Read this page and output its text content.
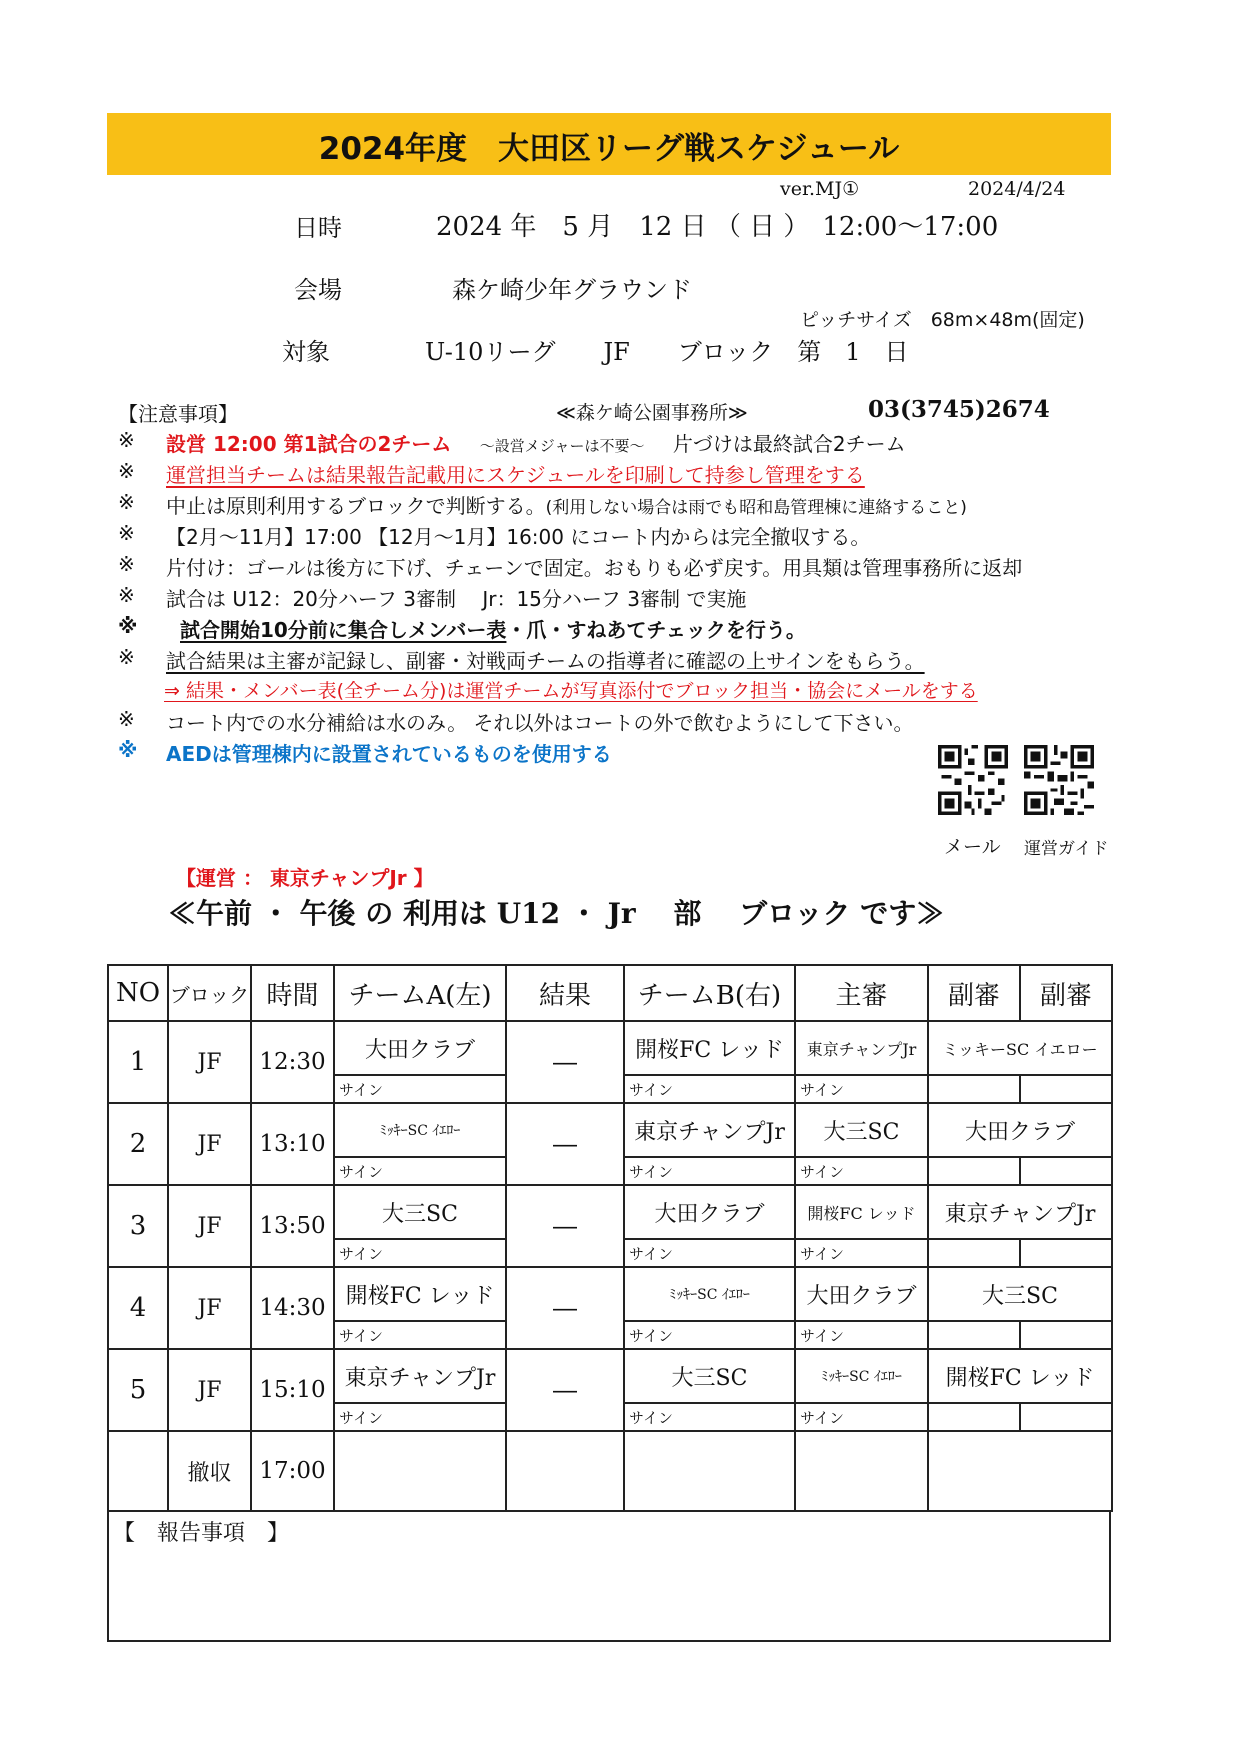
2024年度　大田区リーグ戦スケジュール
ver.MJ①	2024/4/24
日時	2024 年　5 月　12 日 （ 日 ）　12:00～17:00
会場	森ケ崎少年グラウンド
ピッチサイズ　68m×48m(固定)
対象	U-10リーグ　　JF　　ブロック　第　1　日
【注意事項】	≪森ケ崎公園事務所≫	03(3745)2674
※ 設営 12:00 第1試合の2チーム ～設営メジャーは不要～ 片づけは最終試合2チーム
※ 運営担当チームは結果報告記載用にスケジュールを印刷して持参し管理をする
※ 中止は原則利用するブロックで判断する。(利用しない場合は雨でも昭和島管理棟に連絡すること)
※ 【2月～11月】17:00 【12月～1月】16:00 にコート内からは完全撤収する。
※ 片付け：ゴールは後方に下げ、チェーンで固定。おもりも必ず戻す。用具類は管理事務所に返却
※ 試合は U12：20分ハーフ 3審制　 Jr：15分ハーフ 3審制 で実施
※ 試合開始10分前に集合しメンバー表・爪・すねあてチェックを行う。
※ 試合結果は主審が記録し、副審・対戦両チームの指導者に確認の上サインをもらう。
⇒ 結果・メンバー表(全チーム分)は運営チームが写真添付でブロック担当・協会にメールをする
※ コート内での水分補給は水のみ。 それ以外はコートの外で飲むようにして下さい。
※ AEDは管理棟内に設置されているものを使用する
メール 運営ガイド
【運営 ： 東京チャンプJr 】
≪午前 ・ 午後 の 利用は U12 ・ Jr　 部　 ブロック です≫
NO	ブロック	時間	チームA(左)	結果	チームB(右)	主審	副審	副審
1	JF	12:30	大田クラブ	―	開桜FC レッド	東京チャンプJr	ミッキーSC イエロー	
			サイン		サイン	サイン		
2	JF	13:10	ﾐｯｷｰSC ｲｴﾛｰ	―	東京チャンプJr	大三SC	大田クラブ	
			サイン		サイン	サイン		
3	JF	13:50	大三SC	―	大田クラブ	開桜FC レッド	東京チャンプJr	
			サイン		サイン	サイン		
4	JF	14:30	開桜FC レッド	―	ﾐｯｷｰSC ｲｴﾛｰ	大田クラブ	大三SC	
			サイン		サイン	サイン		
5	JF	15:10	東京チャンプJr	―	大三SC	ﾐｯｷｰSC ｲｴﾛｰ	開桜FC レッド	
			サイン		サイン	サイン		
	撤収	17:00						
【　報告事項　】
